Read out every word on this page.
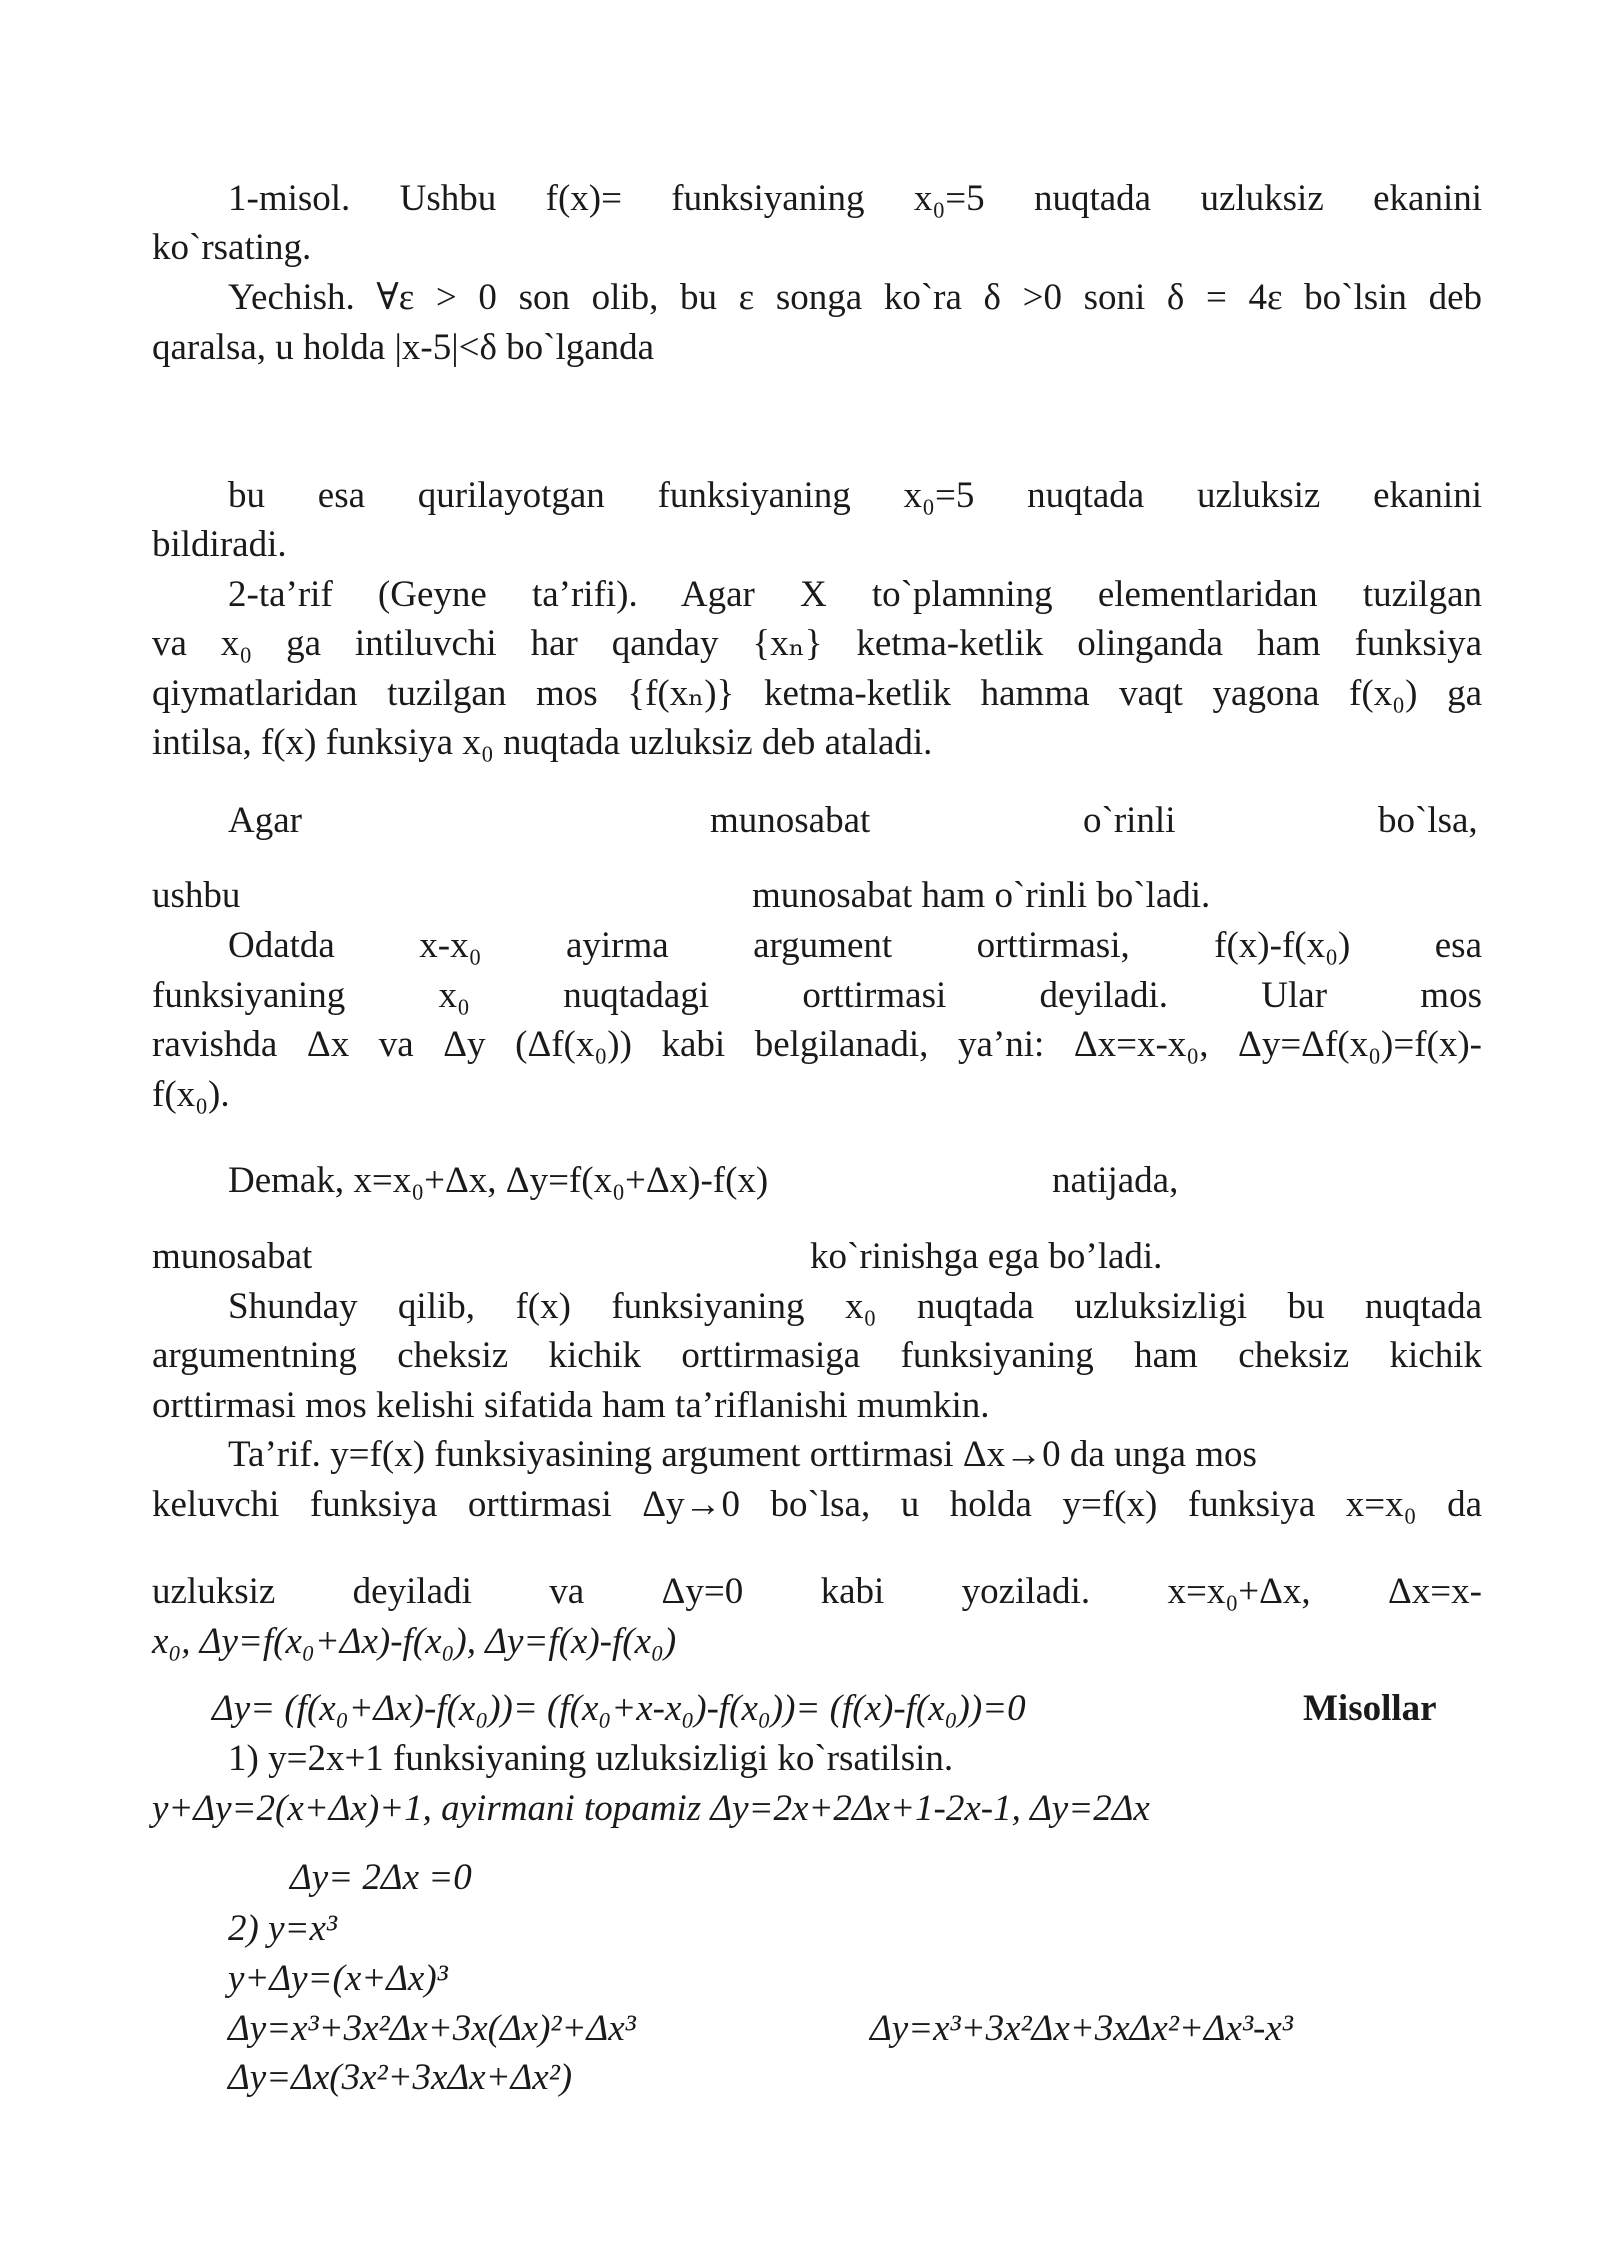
1-misol. Ushbu f(x)= funksiyaning x₀=5 nuqtada uzluksiz ekanini
ko`rsating.
Yechish. ∀ε > 0 son olib, bu ε songa ko`ra δ >0 soni δ = 4ε bo`lsin deb
qaralsa, u holda |x-5|<δ bo`lganda
bu esa qurilayotgan funksiyaning x₀=5 nuqtada uzluksiz ekanini
bildiradi.
2-ta’rif (Geyne ta’rifi). Agar X to`plamning elementlaridan tuzilgan
va x₀ ga intiluvchi har qanday {xₙ} ketma-ketlik olinganda ham funksiya
qiymatlaridan tuzilgan mos {f(xₙ)} ketma-ketlik hamma vaqt yagona f(x₀) ga
intilsa, f(x) funksiya x₀ nuqtada uzluksiz deb ataladi.
Agar	munosabat	o`rinli	bo`lsa,
ushbu	munosabat ham o`rinli bo`ladi.
Odatda x-x₀ ayirma argument orttirmasi, f(x)-f(x₀) esa
funksiyaning x₀ nuqtadagi orttirmasi deyiladi. Ular mos
ravishda Δx va Δy (Δf(x₀)) kabi belgilanadi, ya’ni: Δx=x-x₀, Δy=Δf(x₀)=f(x)-
f(x₀).
Demak, x=x₀+Δx, Δy=f(x₀+Δx)-f(x)	natijada,
munosabat	ko`rinishga ega bo’ladi.
Shunday qilib, f(x) funksiyaning x₀ nuqtada uzluksizligi bu nuqtada
argumentning cheksiz kichik orttirmasiga funksiyaning ham cheksiz kichik
orttirmasi mos kelishi sifatida ham ta’riflanishi mumkin.
Ta’rif. y=f(x) funksiyasining argument orttirmasi Δx→0 da unga mos
keluvchi funksiya orttirmasi Δy→0 bo`lsa, u holda y=f(x) funksiya x=x₀ da
uzluksiz deyiladi va Δy=0 kabi yoziladi. x=x₀+Δx, Δx=x-
x₀, Δy=f(x₀+Δx)-f(x₀), Δy=f(x)-f(x₀)
Δy= (f(x₀+Δx)-f(x₀))= (f(x₀+x-x₀)-f(x₀))= (f(x)-f(x₀))=0	Misollar
1) y=2x+1 funksiyaning uzluksizligi ko`rsatilsin.
y+Δy=2(x+Δx)+1, ayirmani topamiz Δy=2x+2Δx+1-2x-1, Δy=2Δx
Δy= 2Δx =0
2) y=x³
y+Δy=(x+Δx)³
Δy=x³+3x²Δx+3x(Δx)²+Δx³	Δy=x³+3x²Δx+3xΔx²+Δx³-x³
Δy=Δx(3x²+3xΔx+Δx²)
